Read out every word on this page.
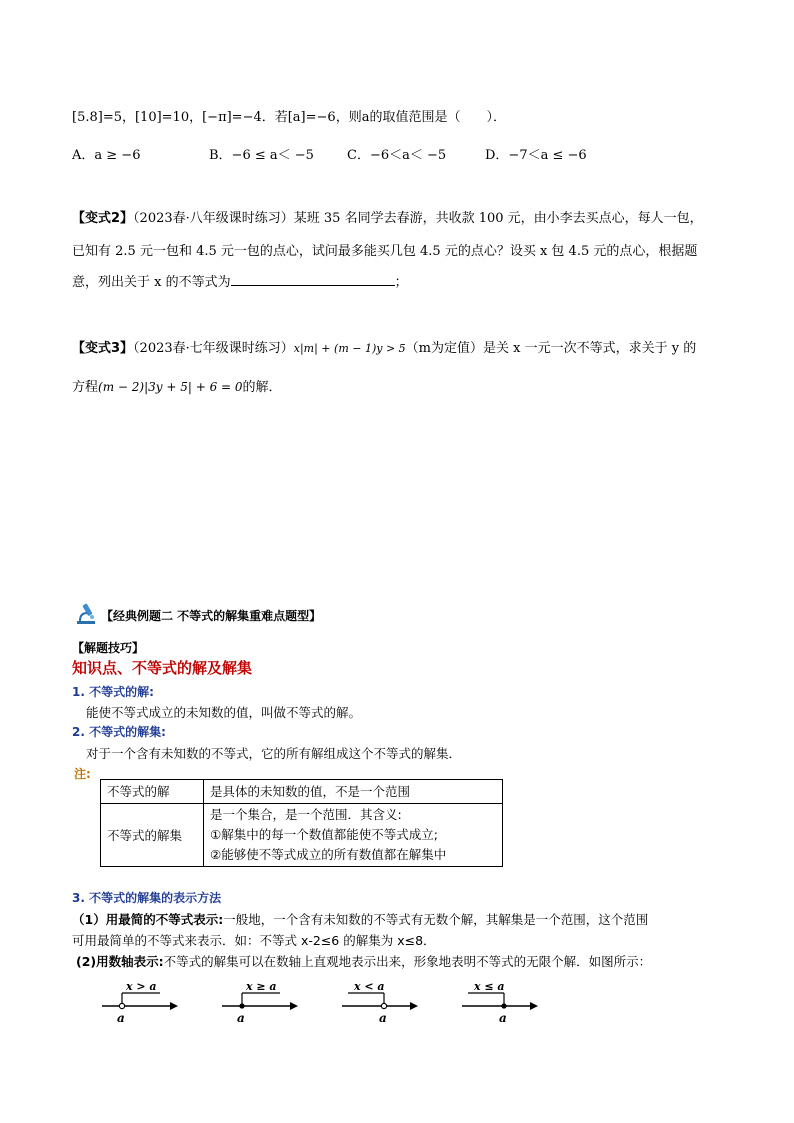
[5.8]=5，[10]=10，[−π]=−4．若[a]=−6，则a的取值范围是（　　）．
A．a ≥ −6	B．−6 ≤ a＜ −5	C．−6＜a＜ −5	D．−7＜a ≤ −6
【变式2】（2023春·八年级课时练习）某班 35 名同学去春游，共收款 100 元，由小李去买点心，每人一包，
已知有 2.5 元一包和 4.5 元一包的点心，试问最多能买几包 4.5 元的点心？设买 x 包 4.5 元的点心，根据题
意，列出关于 x 的不等式为	；
【变式3】（2023春·七年级课时练习）x|m| + (m − 1)y > 5（m为定值）是关 x 一元一次不等式，求关于 y 的
方程(m − 2)|3y + 5| + 6 = 0的解．
【经典例题二 不等式的解集重难点题型】
【解题技巧】
知识点、不等式的解及解集
1. 不等式的解:
能使不等式成立的未知数的值，叫做不等式的解。
2. 不等式的解集:
对于一个含有未知数的不等式，它的所有解组成这个不等式的解集．
注:
不等式的解	是具体的未知数的值，不是一个范围
不等式的解集	是一个集合，是一个范围．其含义:
①解集中的每一个数值都能使不等式成立;
②能够使不等式成立的所有数值都在解集中
3. 不等式的解集的表示方法
（1）用最简的不等式表示:一般地，一个含有未知数的不等式有无数个解，其解集是一个范围，这个范围
可用最简单的不等式来表示．如：不等式 x-2≤6 的解集为 x≤8．
(2)用数轴表示:不等式的解集可以在数轴上直观地表示出来，形象地表明不等式的无限个解．如图所示：
x > a
a
x ≥ a
a
x < a
a
x ≤ a
a
